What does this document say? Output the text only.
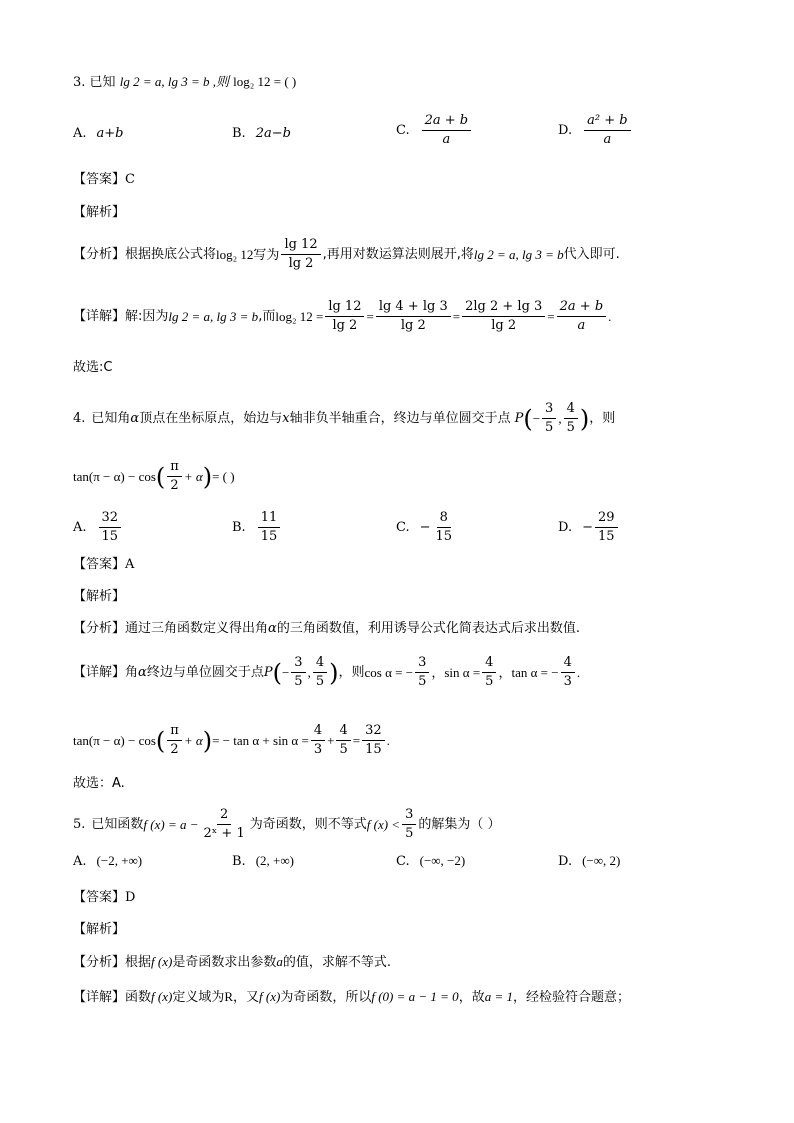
3. 已知 lg 2 = a, lg 3 = b ,则 log₂ 12 = ( )
A. a+b	B. 2a−b	C. $\frac{2a + b}{a}$	D. $\frac{\text{a² + b}}{a}$
【答案】C
【解析】
【分析】 根据换底公式将 log₂ 12写为 $\frac{\lg 12}{\lg 2}$ ,再用对数运算法则展开,将 lg 2 = a, lg 3 = b 代入即可.
【详解】 解:因为 lg 2 = a, lg 3 = b ,而 log₂ $12 = \frac{\lg 12}{\lg 2} = \frac{\lg 4 + \lg 3}{\lg 2} = \frac{2\lg 2 + \lg 3}{\lg 2} = \frac{2a + b}{a}$ .
故选:C
4. 已知角 α 顶点在坐标原点，始边与 x 轴非负半轴重合，终边与单位圆交于点 P ( − $\frac{3}{5}$ , $\frac{4}{5}$ ) ，则
tan(π − α) − cos ( $\frac{\pi}{2} + \alpha$ ) = ( )
A. $\frac{32}{15}$	B. $\frac{11}{15}$	C. − $\frac{8}{15}$	D. − $\frac{29}{15}$
【答案】A
【解析】
【分析】通过三角函数定义得出角α的三角函数值，利用诱导公式化简表达式后求出数值.
【详解】 角 α 终边与单位圆交于点 P ( − $\frac{3}{5}$ , $\frac{4}{5}$ ) ，则 cos α = − $\frac{3}{5}$ ，$\sin \alpha = \frac{4}{5}$ ，tan α = − $\frac{4}{3}$ .
tan(π − α) − cos ( $\frac{\pi}{2} + \alpha$ ) = − $\tan \alpha + \sin \alpha = \frac{4}{3} + \frac{4}{5} = \frac{32}{15}$ .
故选：A.
5. 已知函数 f $(x) = a - \frac{2}{\text{2ˣ + 1}}$ 为奇函数，则不等式 f $(x) < \frac{3}{5}$ 的解集为（ ）
A. (−2, +∞)	B. (2, +∞)	C. (−∞, −2)	D. (−∞, 2)
【答案】D
【解析】
【分析】根据f (x)是奇函数求出参数a的值，求解不等式.
【详解】函数f (x)定义域为R，又f (x)为奇函数，所以f (0) = a − 1 = 0，故a = 1，经检验符合题意；
